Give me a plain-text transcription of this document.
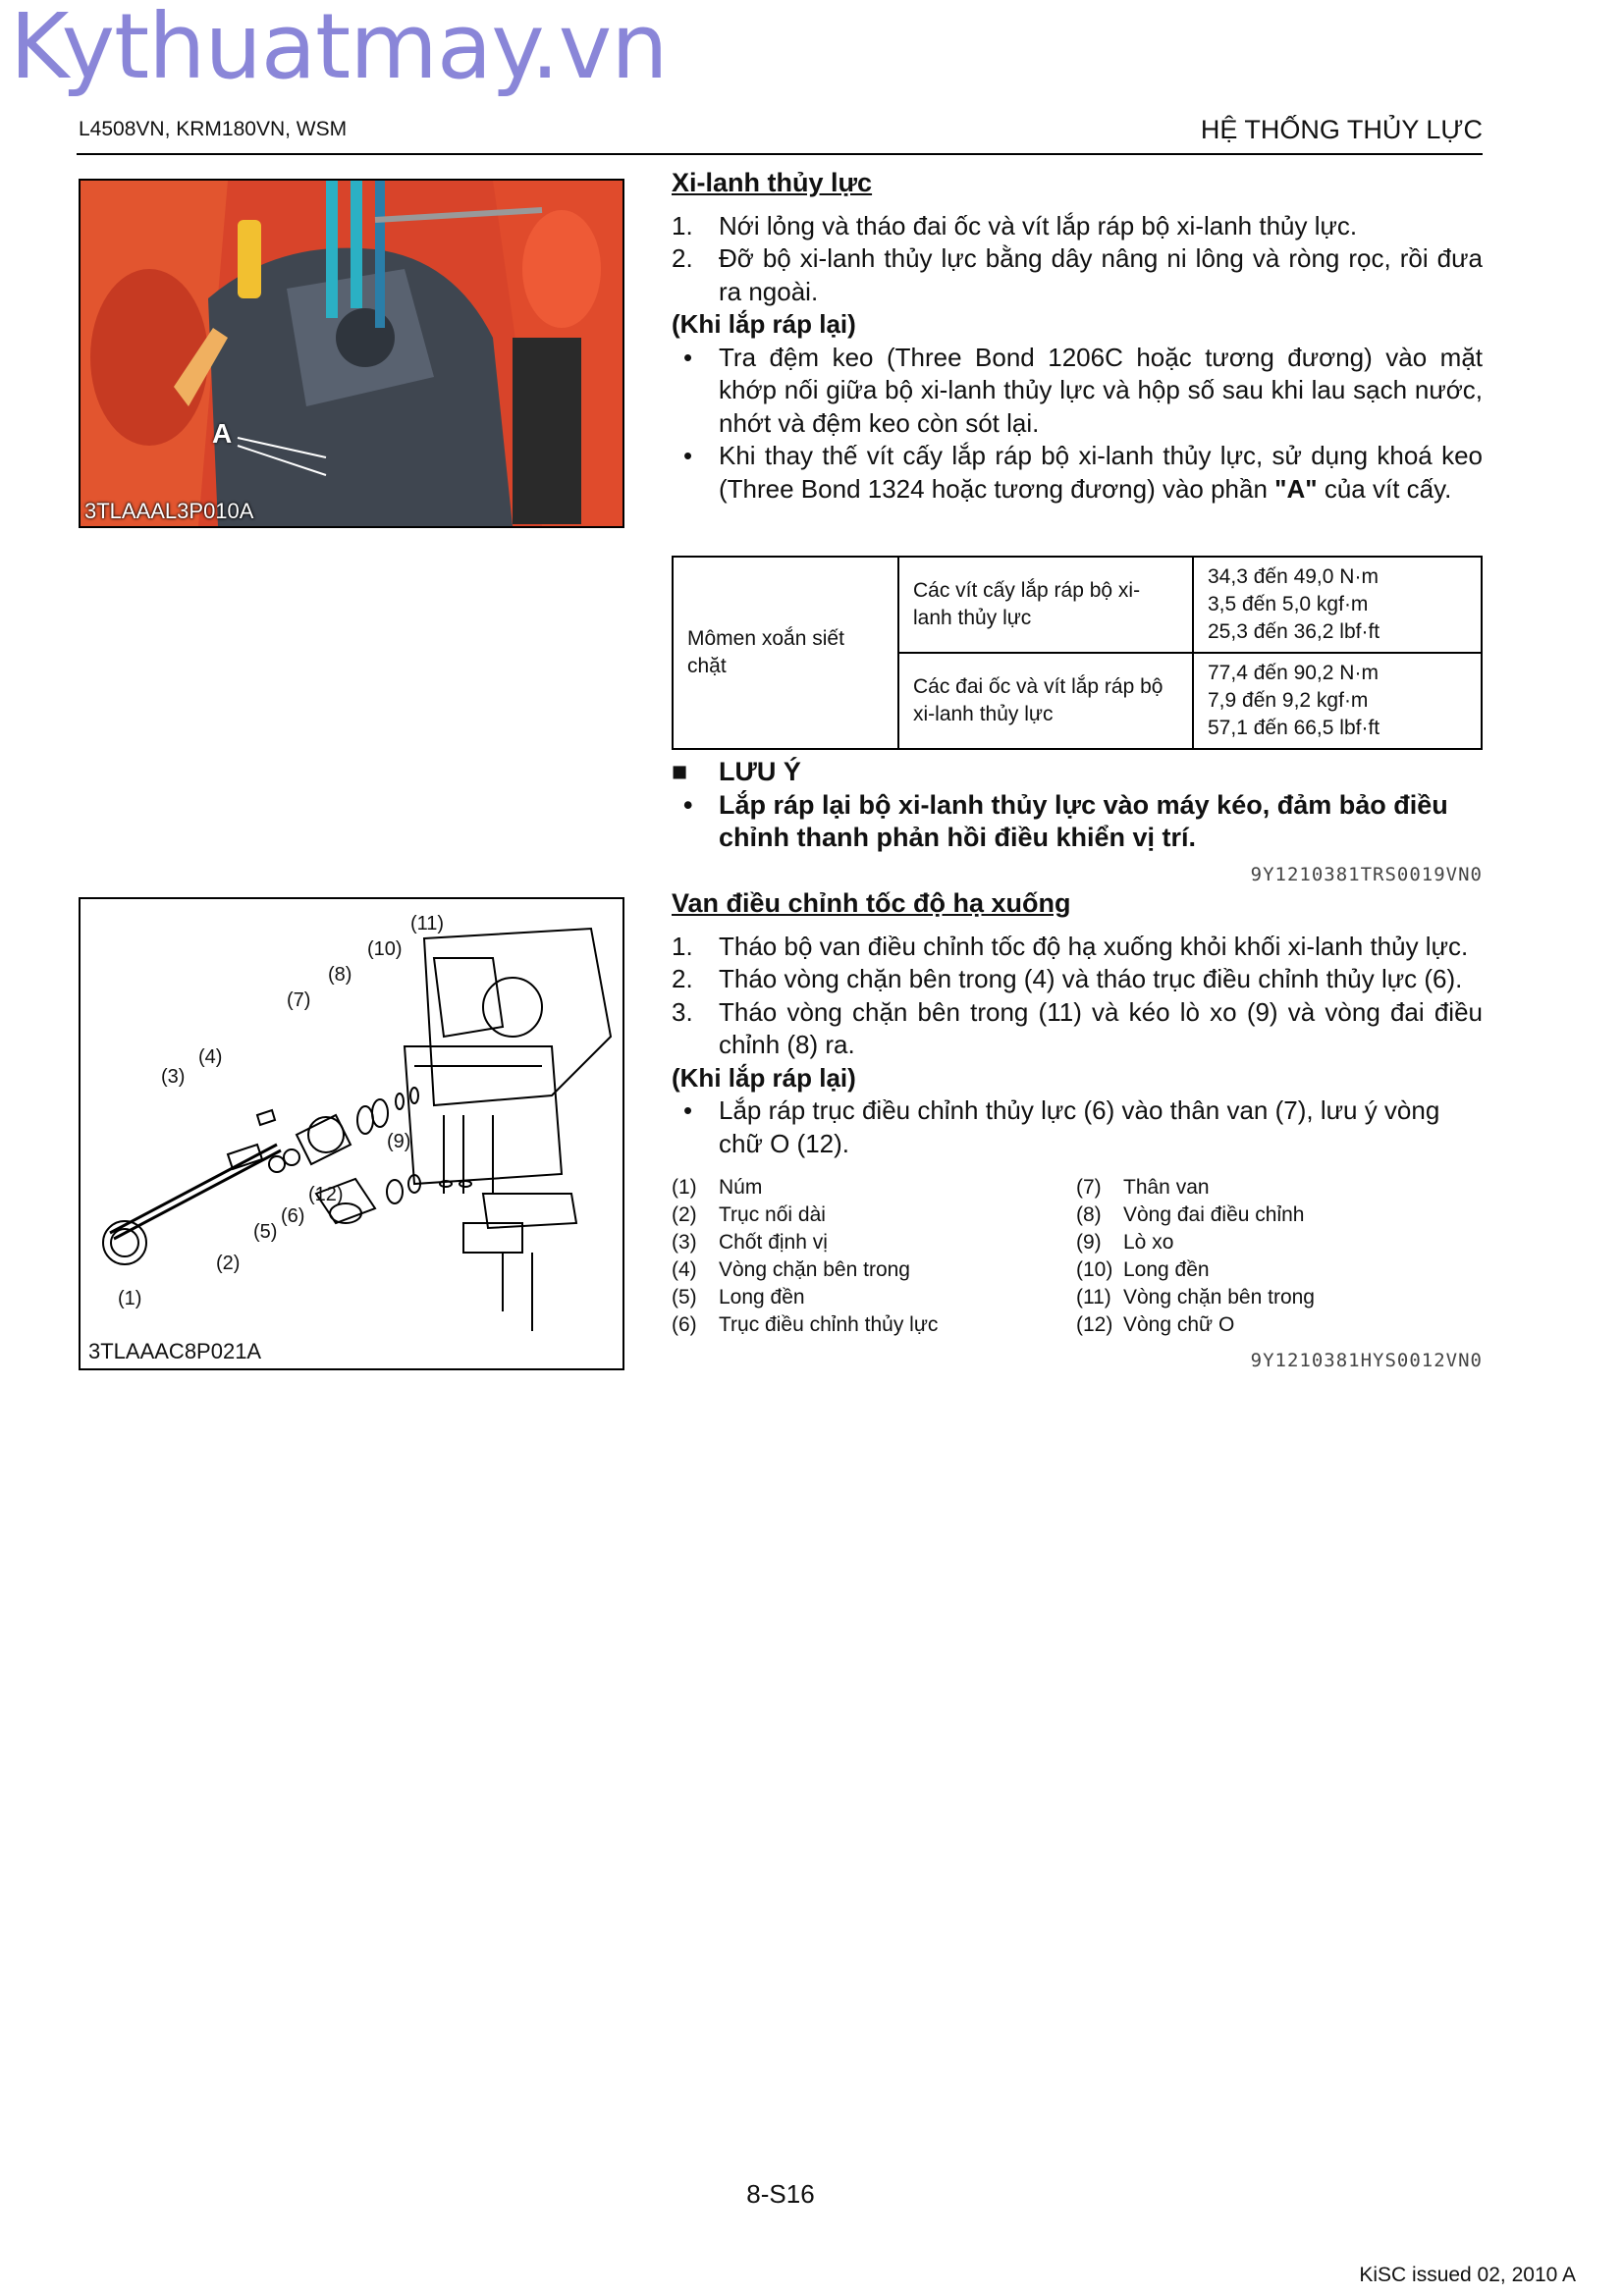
Kythuatmay.vn
L4508VN, KRM180VN, WSM	HỆ THỐNG THỦY LỰC
A
3TLAAAL3P010A
(1)
(2)
(3)
(4)
(5)
(6)
(7)
(8)
(9)
(10)
(11)
(12)
3TLAAAC8P021A
Xi-lanh thủy lực
1.	Nới lỏng và tháo đai ốc và vít lắp ráp bộ xi-lanh thủy lực.
2.	Đỡ bộ xi-lanh thủy lực bằng dây nâng ni lông và ròng rọc, rồi đưa ra ngoài.
(Khi lắp ráp lại)
•	Tra đệm keo (Three Bond 1206C hoặc tương đương) vào mặt khớp nối giữa bộ xi-lanh thủy lực và hộp số sau khi lau sạch nước, nhớt và đệm keo còn sót lại.
•	Khi thay thế vít cấy lắp ráp bộ xi-lanh thủy lực, sử dụng khoá keo (Three Bond 1324 hoặc tương đương) vào phần "A" của vít cấy.
Mômen xoắn siết chặt	Các vít cấy lắp ráp bộ xi-lanh thủy lực	34,3 đến 49,0 N·m
3,5 đến 5,0 kgf·m
25,3 đến 36,2 lbf·ft

	Các đai ốc và vít lắp ráp bộ xi-lanh thủy lực	77,4 đến 90,2 N·m
7,9 đến 9,2 kgf·m
57,1 đến 66,5 lbf·ft
■	LƯU Ý
• Lắp ráp lại bộ xi-lanh thủy lực vào máy kéo, đảm bảo điều chỉnh thanh phản hồi điều khiển vị trí.
9Y1210381TRS0019VN0
Van điều chỉnh tốc độ hạ xuống
1.	Tháo bộ van điều chỉnh tốc độ hạ xuống khỏi khối xi-lanh thủy lực.
2.	Tháo vòng chặn bên trong (4) và tháo trục điều chỉnh thủy lực (6).
3.	Tháo vòng chặn bên trong (11) và kéo lò xo (9) và vòng đai điều chỉnh (8) ra.
(Khi lắp ráp lại)
•	Lắp ráp trục điều chỉnh thủy lực (6) vào thân van (7), lưu ý vòng chữ O (12).
(1)	Núm
(2)	Trục nối dài
(3)	Chốt định vị
(4)	Vòng chặn bên trong
(5)	Long đền
(6)	Trục điều chỉnh thủy lực
(7)	Thân van
(8)	Vòng đai điều chỉnh
(9)	Lò xo
(10) Long đền
(11) Vòng chặn bên trong
(12) Vòng chữ O
9Y1210381HYS0012VN0
8-S16
KiSC issued 02, 2010 A
